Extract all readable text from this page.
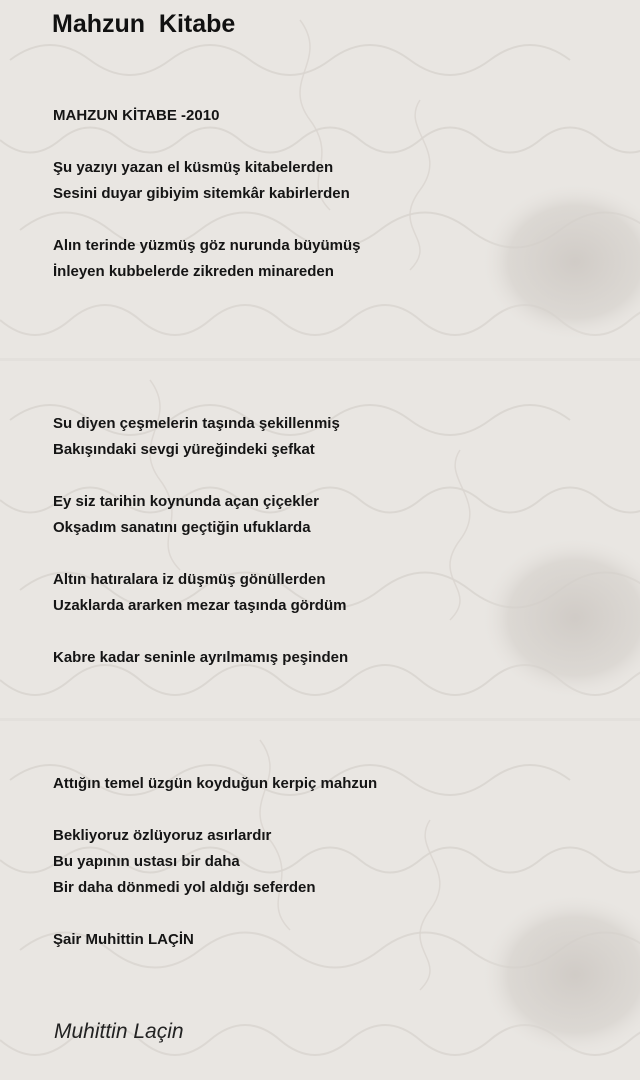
Mahzun  Kitabe
MAHZUN KİTABE -2010
Şu yazıyı yazan el küsmüş kitabelerden
Sesini duyar gibiyim sitemkâr kabirlerden
Alın terinde yüzmüş göz nurunda büyümüş
İnleyen kubbelerde zikreden minareden
Su diyen çeşmelerin taşında şekillenmiş
Bakışındaki sevgi yüreğindeki şefkat
Ey siz tarihin koynunda açan çiçekler
Okşadım sanatını geçtiğin ufuklarda
Altın hatıralara iz düşmüş gönüllerden
Uzaklarda ararken mezar taşında gördüm
Kabre kadar seninle ayrılmamış peşinden
Attığın temel üzgün koyduğun kerpiç mahzun
Bekliyoruz özlüyoruz asırlardır
Bu yapının ustası bir daha
Bir daha dönmedi yol aldığı seferden
Şair Muhittin LAÇİN
Muhittin Laçin
